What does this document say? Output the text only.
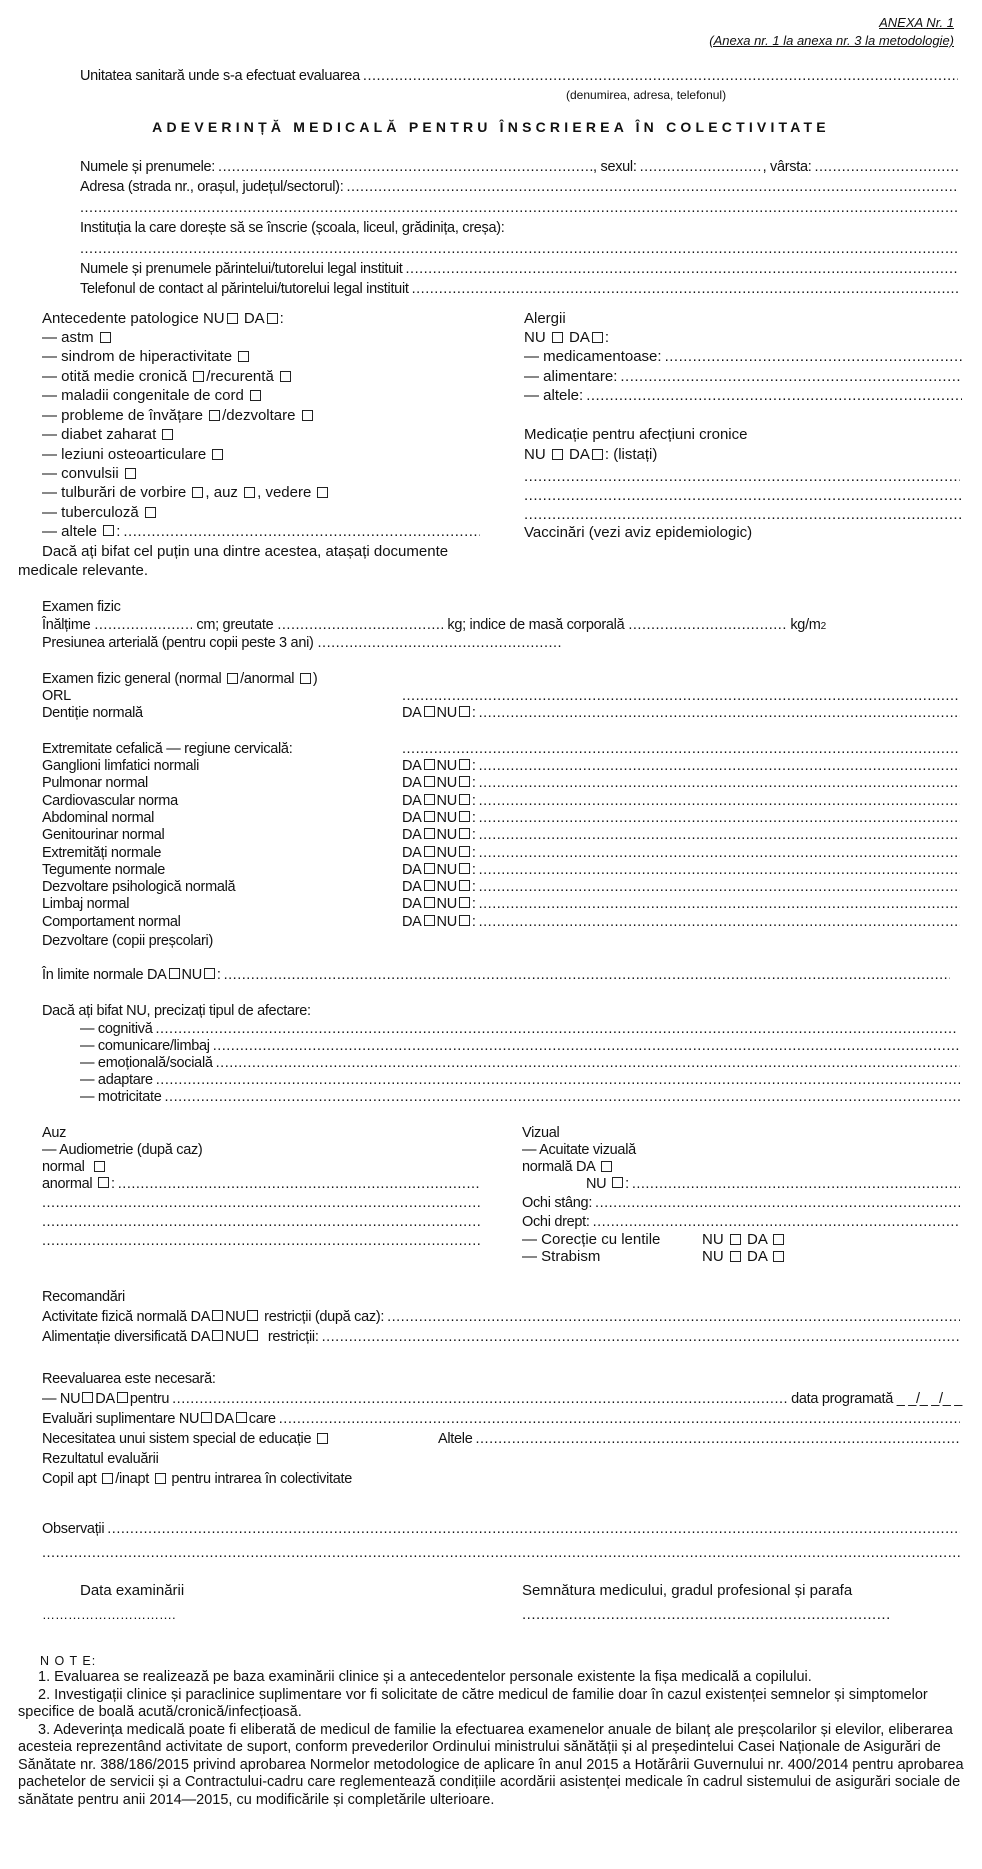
ANEXA Nr. 1
(Anexa nr. 1 la anexa nr. 3 la metodologie)
Unitatea sanitară unde s-a efectuat evaluarea
.....
(denumirea, adresa, telefonul)
ADEVERINȚĂ MEDICALĂ PENTRU ÎNSCRIEREA ÎN COLECTIVITATE
Numele și prenumele: .....	, sexul: .....	, vârsta:
.....
Adresa (strada nr., orașul, județul/sectorul):
.....
.....
Instituția la care dorește să se înscrie (școala, liceul, grădinița, creșa):
.....
Numele și prenumele părintelui/tutorelui legal instituit
.....
Telefonul de contact al părintelui/tutorelui legal instituit
.....
Antecedente patologice NU DA :
— astm
— sindrom de hiperactivitate
— otită medie cronică /recurentă
— maladii congenitale de cord
— probleme de învățare /dezvoltare
— diabet zaharat
— leziuni osteoarticulare
— convulsii
— tulburări de vorbire , auz , vedere
— tuberculoză
— altele
:
.....
Dacă ați bifat cel puțin una dintre acestea, atașați documente
medicale relevante.
Alergii
NU DA :
— medicamentoase:
.....
— alimentare:
.....
— altele:
.....
Medicație pentru afecțiuni cronice
NU DA : (listați)
.....
.....
.....
Vaccinări (vezi aviz epidemiologic)
Examen fizic
Înălțime .....	cm; greutate .....	kg; indice de masă corporală .....	kg/m 2
Presiunea arterială (pentru copii peste 3 ani)
.....
Examen fizic general (normal /anormal )
ORL
.....
Dentiție normală	DA NU :
.....
Extremitate cefalică — regiune cervicală:
.....
Ganglioni limfatici normali	DA NU :
.....
Pulmonar normal	DA NU :
.....
Cardiovascular norma	DA NU :
.....
Abdominal normal	DA NU :
.....
Genitourinar normal	DA NU :
.....
Extremități normale	DA NU :
.....
Tegumente normale	DA NU :
.....
Dezvoltare psihologică normală	DA NU :
.....
Limbaj normal	DA NU :
.....
Comportament normal	DA NU :
.....
Dezvoltare (copii preșcolari)
În limite normale DA NU :
.....
Dacă ați bifat NU, precizați tipul de afectare:
— cognitivă
.....
— comunicare/limbaj
.....
— emoțională/socială
.....
— adaptare
.....
— motricitate
.....
Auz
— Audiometrie (după caz)
normal
anormal
:
.....
.....
.....
.....
Vizual
— Acuitate vizuală
normală DA
NU
:
.....
Ochi stâng:
.....
Ochi drept:
.....
— Corecție cu lentile	NU DA
— Strabism	NU DA
Recomandări
Activitate fizică normală DA NU
restricții (după caz):
.....
Alimentație diversificată DA NU
restricții:
.....
Reevaluarea este necesară:
— NU DA pentru .....	data programată
_ _/_ _/_ _
Evaluări suplimentare NU DA care
.....
Necesitatea unui sistem special de educație	Altele
.....
Rezultatul evaluării
Copil apt /inapt pentru intrarea în colectivitate
Observații
.....
.....
Data examinării
………………………….
Semnătura medicului, gradul profesional și parafa
.....
N O T E:

1. Evaluarea se realizează pe baza examinării clinice și a antecedentelor personale existente la fișa medicală a copilului.

2. Investigații clinice și paraclinice suplimentare vor fi solicitate de către medicul de familie doar în cazul existenței semnelor și simptomelor specifice de boală acută/cronică/infecțioasă.

3. Adeverința medicală poate fi eliberată de medicul de familie la efectuarea examenelor anuale de bilanț ale preșcolarilor și elevilor, eliberarea acesteia reprezentând activitate de suport, conform prevederilor Ordinului ministrului sănătății și al președintelui Casei Naționale de Asigurări de Sănătate nr. 388/186/2015 privind aprobarea Normelor metodologice de aplicare în anul 2015 a Hotărârii Guvernului nr. 400/2014 pentru aprobarea pachetelor de servicii și a Contractului-cadru care reglementează condițiile acordării asistenței medicale în cadrul sistemului de asigurări sociale de sănătate pentru anii 2014—2015, cu modificările și completările ulterioare.
